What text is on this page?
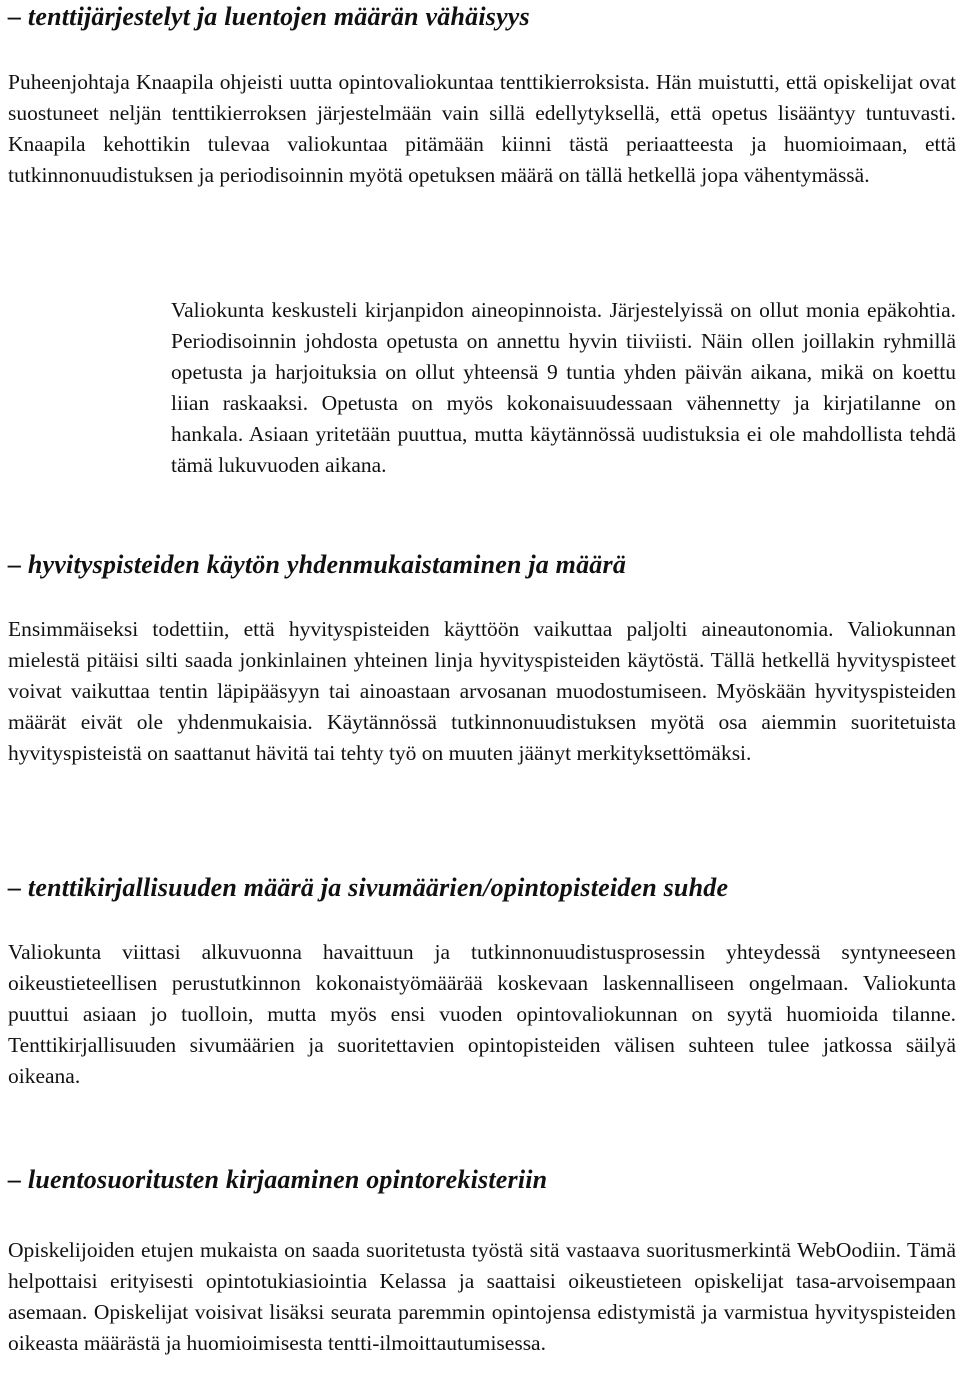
– tenttijärjestelyt ja luentojen määrän vähäisyys

Puheenjohtaja Knaapila ohjeisti uutta opintovaliokuntaa tenttikierroksista. Hän muistutti, että opiskelijat ovat suostuneet neljän tenttikierroksen järjestelmään vain sillä edellytyksellä, että opetus lisääntyy tuntuvasti. Knaapila kehottikin tulevaa valiokuntaa pitämään kiinni tästä periaatteesta ja huomioimaan, että tutkinnonuudistuksen ja periodisoinnin myötä opetuksen määrä on tällä hetkellä jopa vähentymässä.

Valiokunta keskusteli kirjanpidon aineopinnoista. Järjestelyissä on ollut monia epäkohtia. Periodisoinnin johdosta opetusta on annettu hyvin tiiviisti. Näin ollen joillakin ryhmillä opetusta ja harjoituksia on ollut yhteensä 9 tuntia yhden päivän aikana, mikä on koettu liian raskaaksi. Opetusta on myös kokonaisuudessaan vähennetty ja kirjatilanne on hankala. Asiaan yritetään puuttua, mutta käytännössä uudistuksia ei ole mahdollista tehdä tämä lukuvuoden aikana.

– hyvityspisteiden käytön yhdenmukaistaminen ja määrä

Ensimmäiseksi todettiin, että hyvityspisteiden käyttöön vaikuttaa paljolti aineautonomia. Valiokunnan mielestä pitäisi silti saada jonkinlainen yhteinen linja hyvityspisteiden käytöstä. Tällä hetkellä hyvityspisteet voivat vaikuttaa tentin läpipääsyyn tai ainoastaan arvosanan muodostumiseen. Myöskään hyvityspisteiden määrät eivät ole yhdenmukaisia. Käytännössä tutkinnonuudistuksen myötä osa aiemmin suoritetuista hyvityspisteistä on saattanut hävitä tai tehty työ on muuten jäänyt merkityksettömäksi.

– tenttikirjallisuuden määrä ja sivumäärien/opintopisteiden suhde

Valiokunta viittasi alkuvuonna havaittuun ja tutkinnonuudistusprosessin yhteydessä syntyneeseen oikeustieteellisen perustutkinnon kokonaistyömäärää koskevaan laskennalliseen ongelmaan. Valiokunta puuttui asiaan jo tuolloin, mutta myös ensi vuoden opintovaliokunnan on syytä huomioida tilanne. Tenttikirjallisuuden sivumäärien ja suoritettavien opintopisteiden välisen suhteen tulee jatkossa säilyä oikeana.

– luentosuoritusten kirjaaminen opintorekisteriin

Opiskelijoiden etujen mukaista on saada suoritetusta työstä sitä vastaava suoritusmerkintä WebOodiin. Tämä helpottaisi erityisesti opintotukiasiointia Kelassa ja saattaisi oikeustieteen opiskelijat tasa-arvoisempaan asemaan. Opiskelijat voisivat lisäksi seurata paremmin opintojensa edistymistä ja varmistua hyvityspisteiden oikeasta määrästä ja huomioimisesta tentti-ilmoittautumisessa.
